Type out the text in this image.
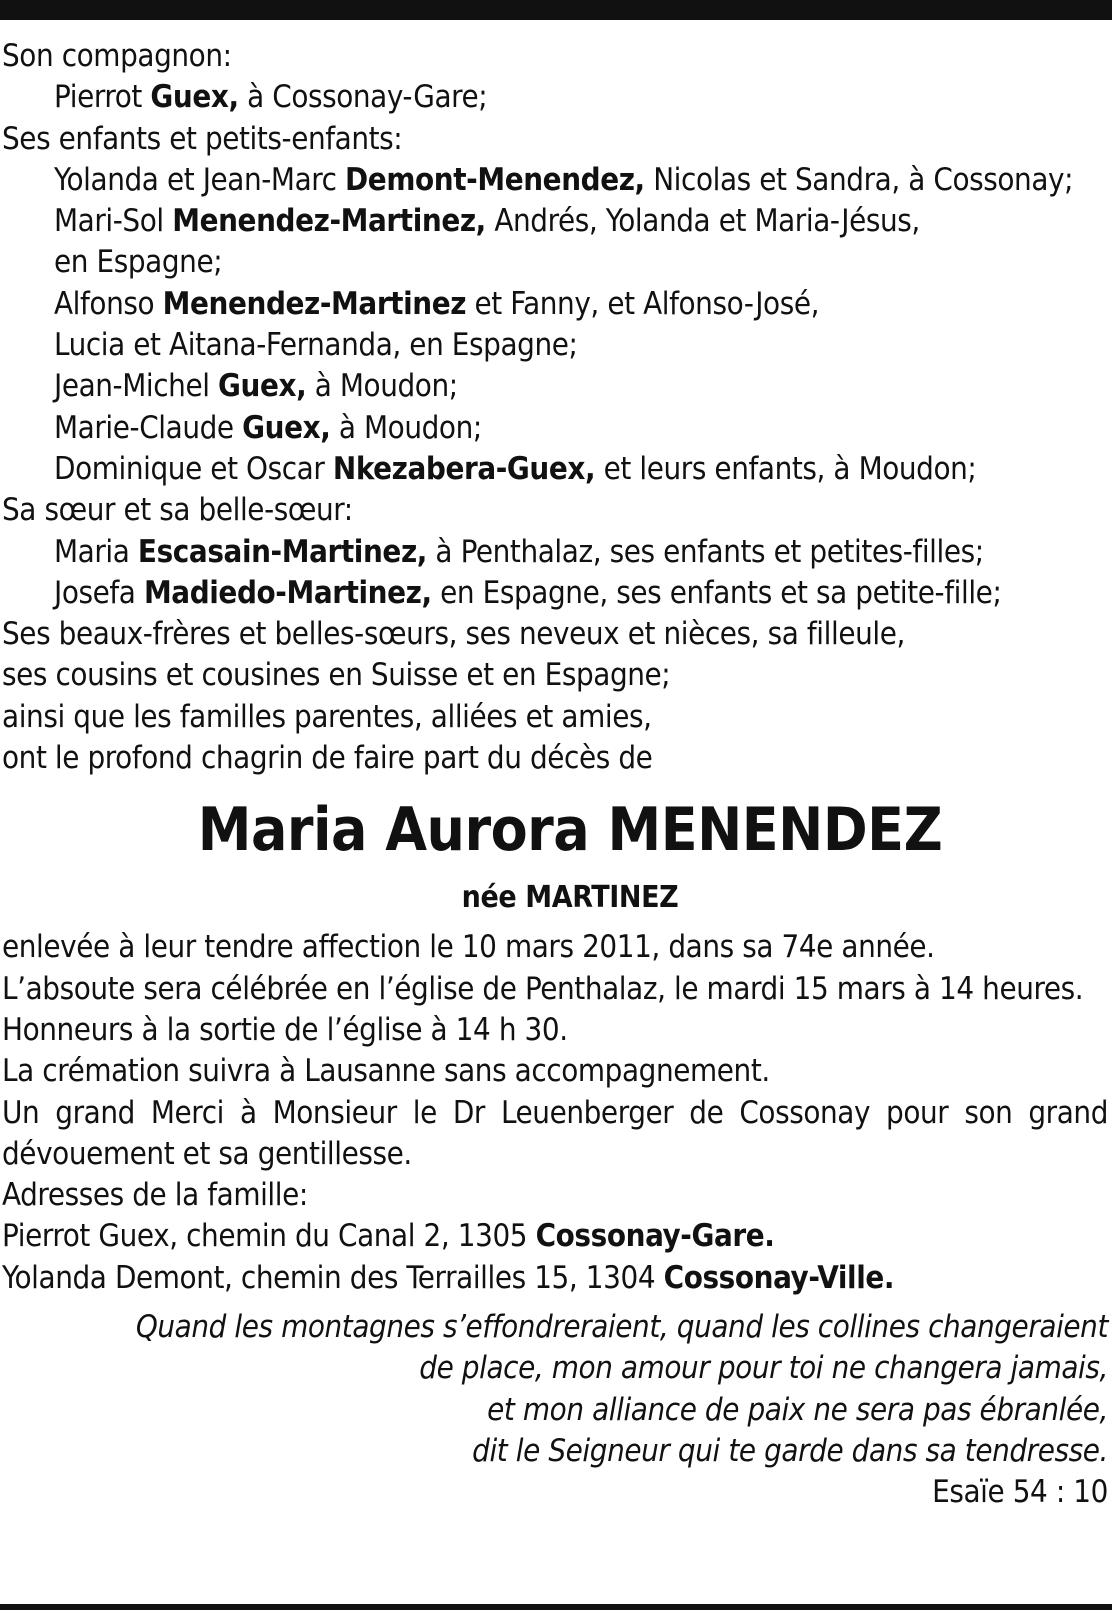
Son compagnon:
Pierrot Guex, à Cossonay-Gare;
Ses enfants et petits-enfants:
Yolanda et Jean-Marc Demont-Menendez, Nicolas et Sandra, à Cossonay;
Mari-Sol Menendez-Martinez, Andrés, Yolanda et Maria-Jésus,
en Espagne;
Alfonso Menendez-Martinez et Fanny, et Alfonso-José,
Lucia et Aitana-Fernanda, en Espagne;
Jean-Michel Guex, à Moudon;
Marie-Claude Guex, à Moudon;
Dominique et Oscar Nkezabera-Guex, et leurs enfants, à Moudon;
Sa sœur et sa belle-sœur:
Maria Escasain-Martinez, à Penthalaz, ses enfants et petites-filles;
Josefa Madiedo-Martinez, en Espagne, ses enfants et sa petite-fille;
Ses beaux-frères et belles-sœurs, ses neveux et nièces, sa filleule,
ses cousins et cousines en Suisse et en Espagne;
ainsi que les familles parentes, alliées et amies,
ont le profond chagrin de faire part du décès de
Maria Aurora MENENDEZ
née MARTINEZ
enlevée à leur tendre affection le 10 mars 2011, dans sa 74e année.
L’absoute sera célébrée en l’église de Penthalaz, le mardi 15 mars à 14 heures.
Honneurs à la sortie de l’église à 14 h 30.
La crémation suivra à Lausanne sans accompagnement.
Un grand Merci à Monsieur le Dr Leuenberger de Cossonay pour son grand dévouement et sa gentillesse.
Adresses de la famille:
Pierrot Guex, chemin du Canal 2, 1305 Cossonay-Gare.
Yolanda Demont, chemin des Terrailles 15, 1304 Cossonay-Ville.
Quand les montagnes s’effondreraient, quand les collines changeraient
de place, mon amour pour toi ne changera jamais,
et mon alliance de paix ne sera pas ébranlée,
dit le Seigneur qui te garde dans sa tendresse.
Esaïe 54 : 10
